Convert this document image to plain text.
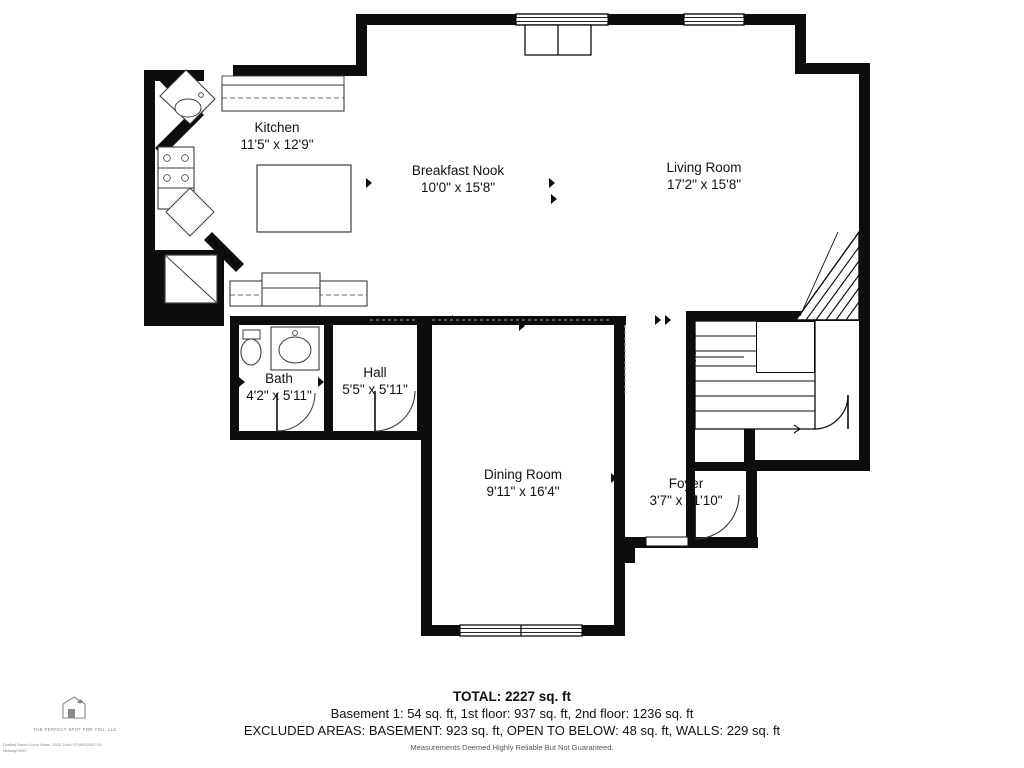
Kitchen
11'5" x 12'9"
Breakfast Nook
10'0" x 15'8"
Living Room
17'2" x 15'8"
Bath
4'2" x 5'11"
Hall
5'5" x 5'11"
Dining Room
9'11" x 16'4"
Foyer
3'7" x 11'10"
TOTAL: 2227 sq. ft
Basement 1: 54 sq. ft, 1st floor: 937 sq. ft, 2nd floor: 1236 sq. ft
EXCLUDED AREAS: BASEMENT: 923 sq. ft, OPEN TO BELOW: 48 sq. ft, WALLS: 229 sq. ft
Measurements Deemed Highly Reliable But Not Guaranteed.
THE PERFECT SPOT FOR YOU, LLC
Drafted Based Upon Meas. 2020 Job#: 0719202002 GL: Midway/0000
